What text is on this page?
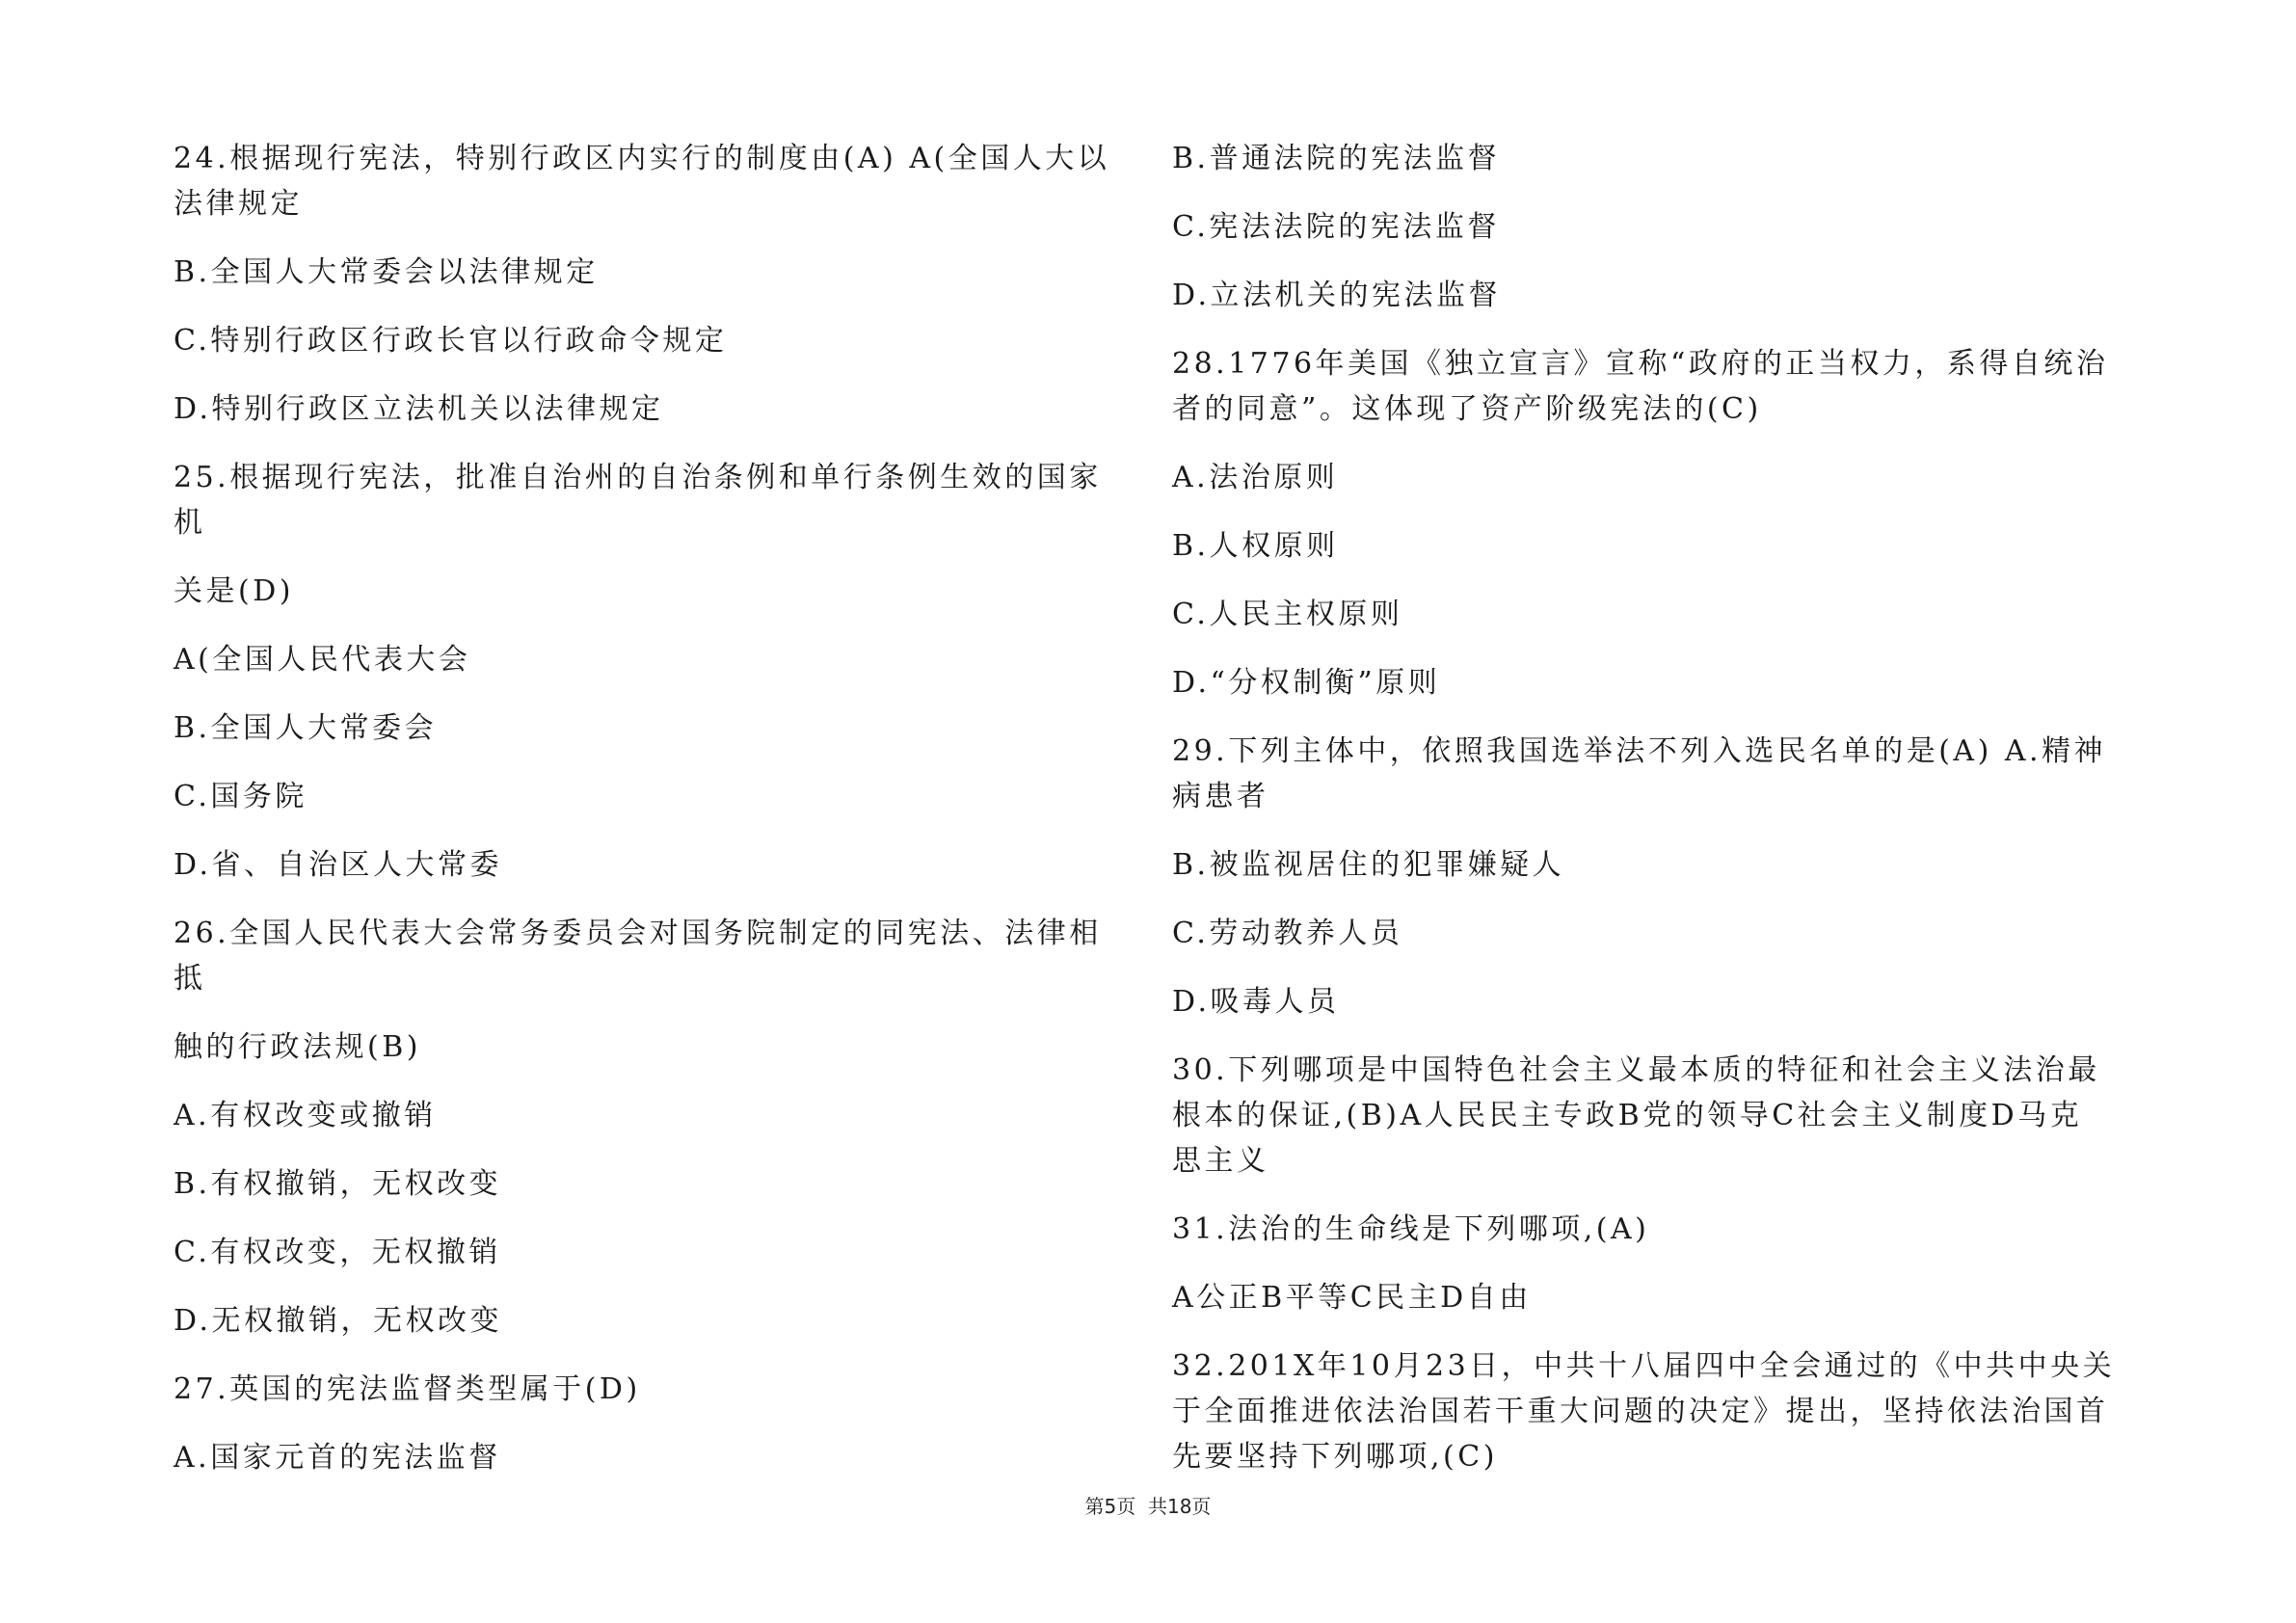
24.根据现行宪法，特别行政区内实行的制度由(A) A(全国人大以
法律规定
B.全国人大常委会以法律规定
C.特别行政区行政长官以行政命令规定
D.特别行政区立法机关以法律规定
25.根据现行宪法，批准自治州的自治条例和单行条例生效的国家
机
关是(D)
A(全国人民代表大会
B.全国人大常委会
C.国务院
D.省、自治区人大常委
26.全国人民代表大会常务委员会对国务院制定的同宪法、法律相
抵
触的行政法规(B)
A.有权改变或撤销
B.有权撤销，无权改变
C.有权改变，无权撤销
D.无权撤销，无权改变
27.英国的宪法监督类型属于(D)
A.国家元首的宪法监督
B.普通法院的宪法监督
C.宪法法院的宪法监督
D.立法机关的宪法监督
28.1776年美国《独立宣言》宣称“政府的正当权力，系得自统治
者的同意”。这体现了资产阶级宪法的(C)
A.法治原则
B.人权原则
C.人民主权原则
D.“分权制衡”原则
29.下列主体中，依照我国选举法不列入选民名单的是(A) A.精神
病患者
B.被监视居住的犯罪嫌疑人
C.劳动教养人员
D.吸毒人员
30.下列哪项是中国特色社会主义最本质的特征和社会主义法治最
根本的保证,(B)A人民民主专政B党的领导C社会主义制度D马克
思主义
31.法治的生命线是下列哪项,(A)
A公正B平等C民主D自由
32.201X年10月23日，中共十八届四中全会通过的《中共中央关
于全面推进依法治国若干重大问题的决定》提出，坚持依法治国首
先要坚持下列哪项,(C)
第5页  共18页
